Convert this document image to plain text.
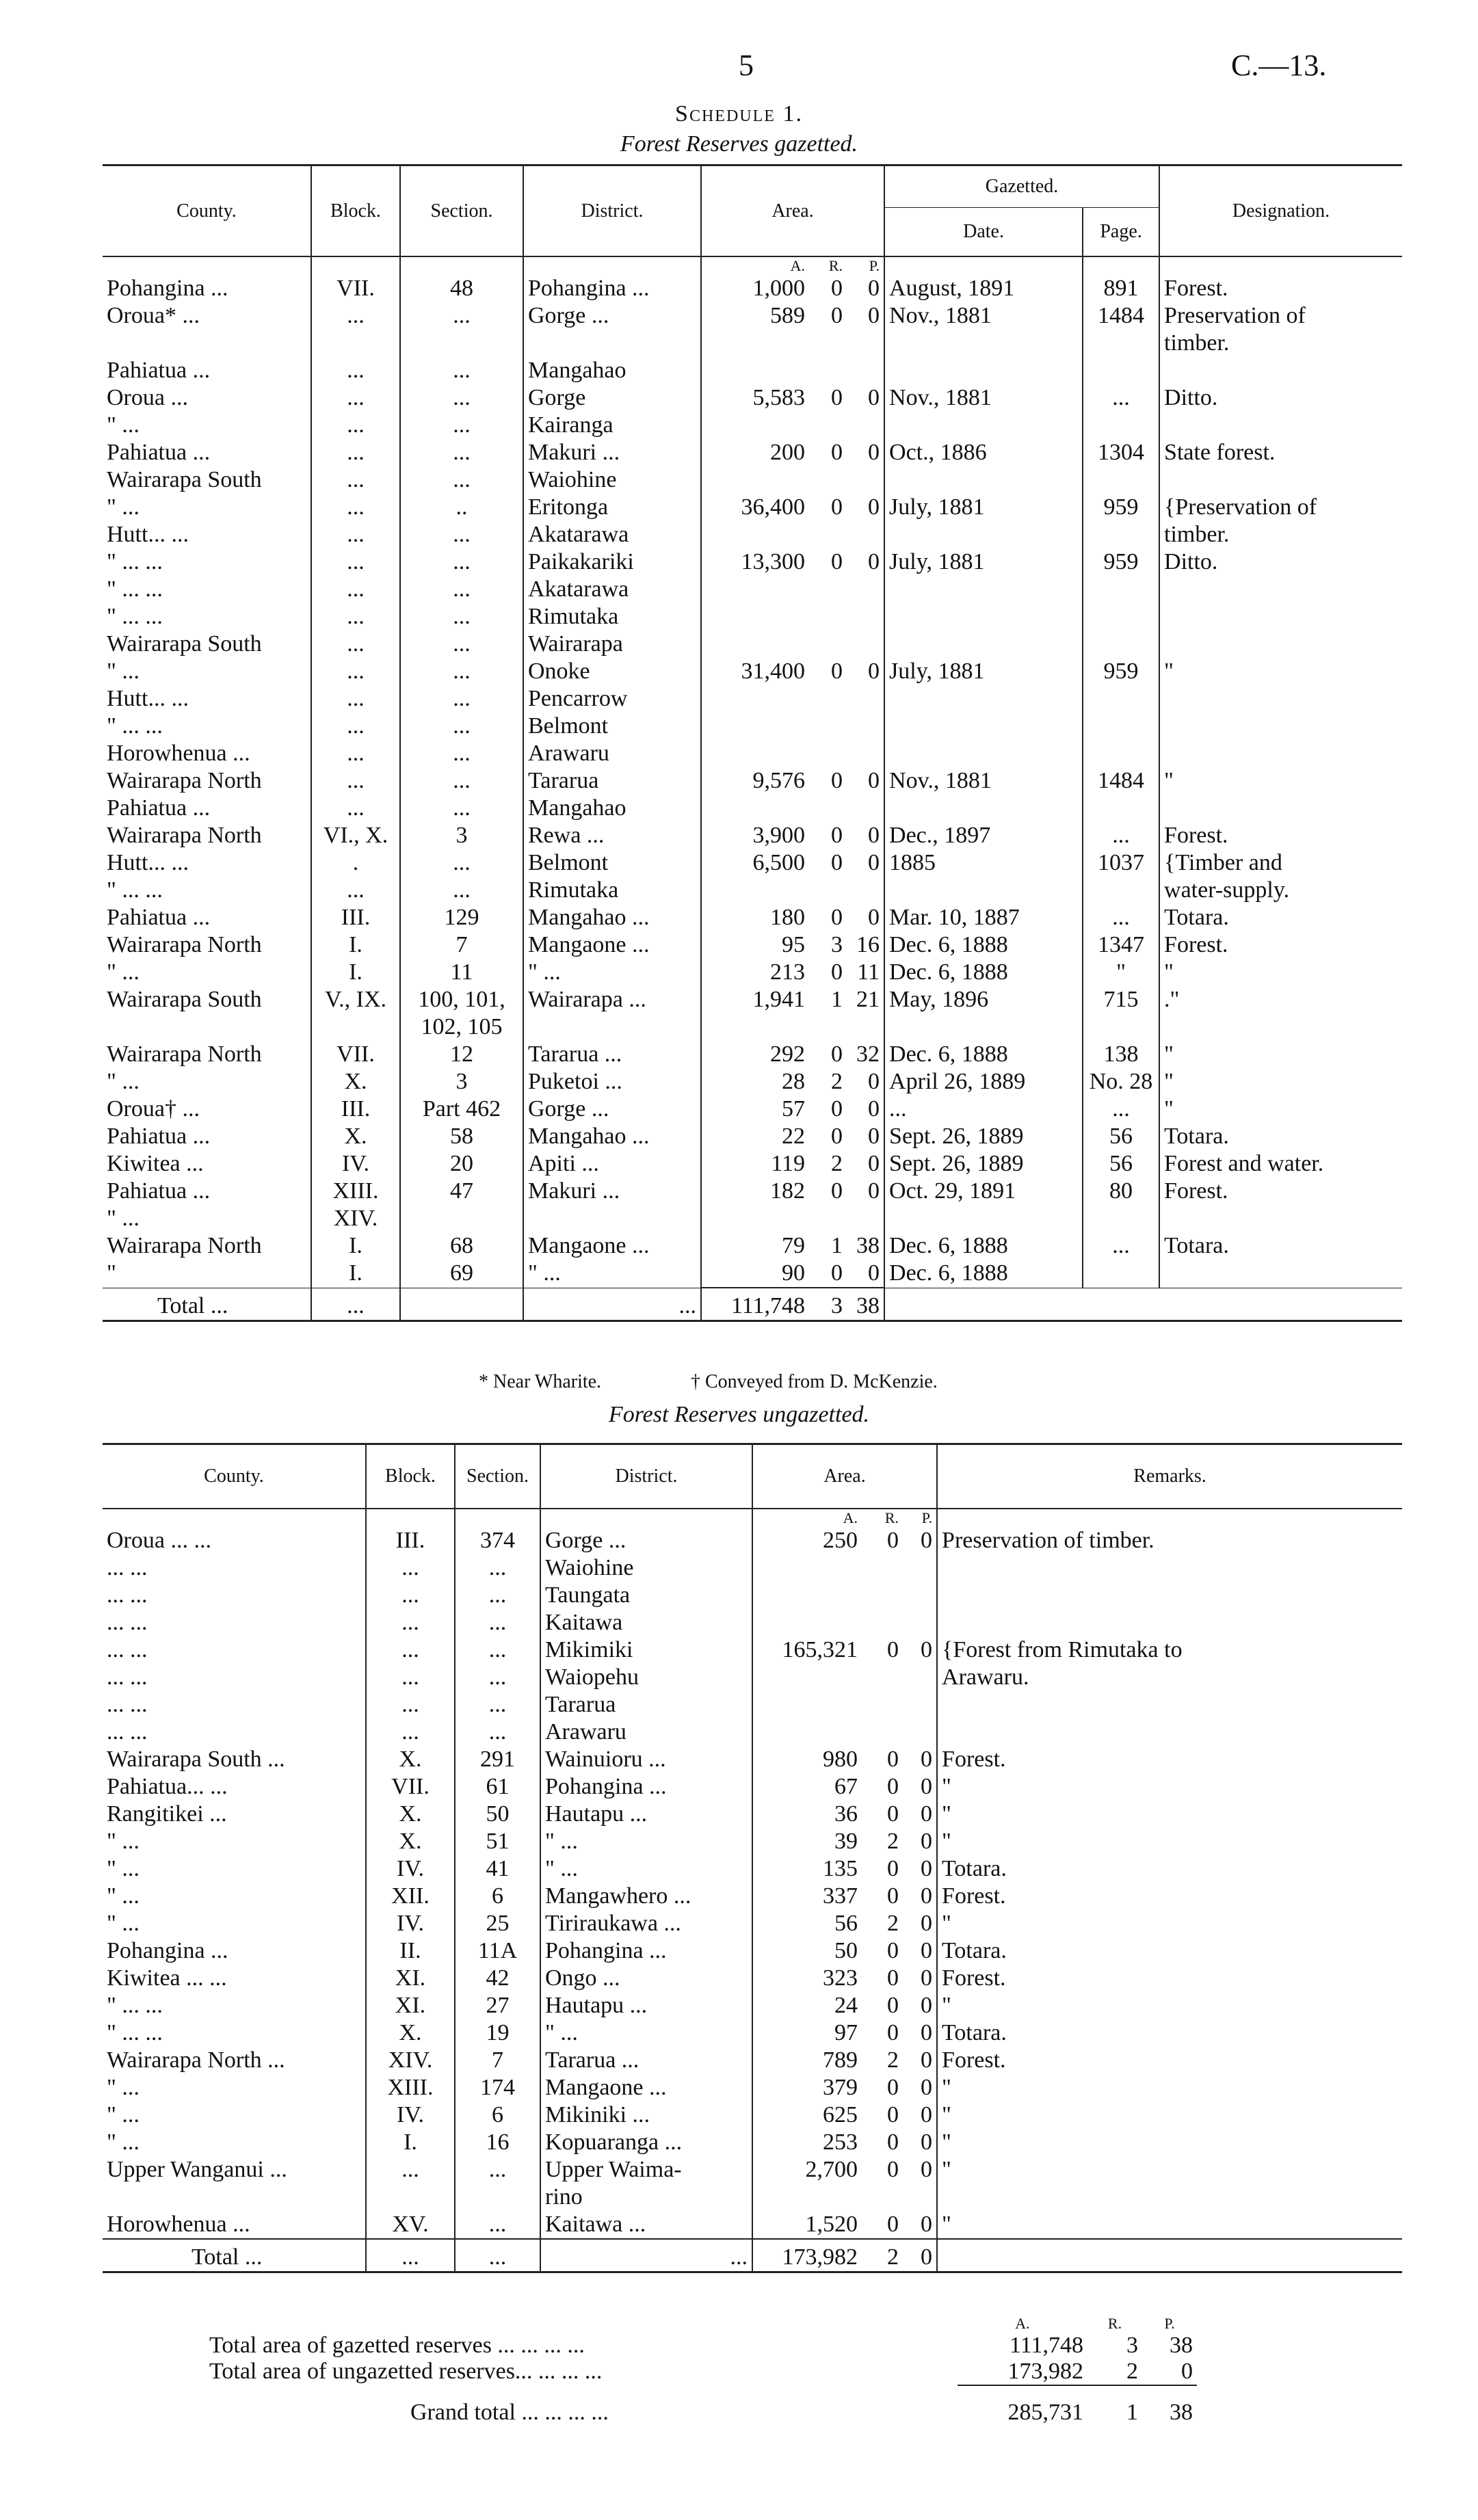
5	C.—13.
Schedule 1.
Forest Reserves gazetted.
County.	Block.	Section.	District.	Area.			Gazetted.		Designation.
							Date.	Page.	
				A.	R.	P.			
Pohangina ...	VII.	48	Pohangina ...	1,000	0	0	August, 1891	891	Forest.
Oroua* ...	...	...	Gorge ...	589	0	0	Nov., 1881	1484	Preservation of
									timber.
Pahiatua ...	...	...	Mangahao						
Oroua ...	...	...	Gorge	5,583	0	0	Nov., 1881	...	Ditto.
" ...	...	...	Kairanga						
Pahiatua ...	...	...	Makuri ...	200	0	0	Oct., 1886	1304	State forest.
Wairarapa South	...	...	Waiohine						
" ...	...	..	Eritonga	36,400	0	0	July, 1881	959	{Preservation of
Hutt... ...	...	...	Akatarawa						timber.
" ... ...	...	...	Paikakariki	13,300	0	0	July, 1881	959	Ditto.
" ... ...	...	...	Akatarawa						
" ... ...	...	...	Rimutaka						
Wairarapa South	...	...	Wairarapa						
" ...	...	...	Onoke	31,400	0	0	July, 1881	959	"
Hutt... ...	...	...	Pencarrow						
" ... ...	...	...	Belmont						
Horowhenua ...	...	...	Arawaru						
Wairarapa North	...	...	Tararua	9,576	0	0	Nov., 1881	1484	"
Pahiatua ...	...	...	Mangahao						
Wairarapa North	VI., X.	3	Rewa ...	3,900	0	0	Dec., 1897	...	Forest.
Hutt... ...	.	...	Belmont	6,500	0	0	1885	1037	{Timber and
" ... ...	...	...	Rimutaka						water-supply.
Pahiatua ...	III.	129	Mangahao ...	180	0	0	Mar. 10, 1887	...	Totara.
Wairarapa North	I.	7	Mangaone ...	95	3	16	Dec. 6, 1888	1347	Forest.
" ...	I.	11	" ...	213	0	11	Dec. 6, 1888	"	"
Wairarapa South	V., IX.	100, 101,	Wairarapa ...	1,941	1	21	May, 1896	715	."
		102, 105							
Wairarapa North	VII.	12	Tararua ...	292	0	32	Dec. 6, 1888	138	"
" ...	X.	3	Puketoi ...	28	2	0	April 26, 1889	No. 28	"
Oroua† ...	III.	Part 462	Gorge ...	57	0	0	...	...	"
Pahiatua ...	X.	58	Mangahao ...	22	0	0	Sept. 26, 1889	56	Totara.
Kiwitea ...	IV.	20	Apiti ...	119	2	0	Sept. 26, 1889	56	Forest and water.
Pahiatua ...	XIII.	47	Makuri ...	182	0	0	Oct. 29, 1891	80	Forest.
" ...	XIV.								
Wairarapa North	I.	68	Mangaone ...	79	1	38	Dec. 6, 1888	...	Totara.
"	I.	69	" ...	90	0	0	Dec. 6, 1888		
Total ...	...		...	111,748	3	38			

* Near Wharite.	† Conveyed from D. McKenzie.
Forest Reserves ungazetted.
County.	Block.	Section.	District.	Area.			Remarks.
				A.	R.	P.	
Oroua ... ...	III.	374	Gorge ...	250	0	0	Preservation of timber.
... ...	...	...	Waiohine				
... ...	...	...	Taungata				
... ...	...	...	Kaitawa				
... ...	...	...	Mikimiki	165,321	0	0	{Forest from Rimutaka to
... ...	...	...	Waiopehu				Arawaru.
... ...	...	...	Tararua				
... ...	...	...	Arawaru				
Wairarapa South ...	X.	291	Wainuioru ...	980	0	0	Forest.
Pahiatua... ...	VII.	61	Pohangina ...	67	0	0	"
Rangitikei ...	X.	50	Hautapu ...	36	0	0	"
" ...	X.	51	" ...	39	2	0	"
" ...	IV.	41	" ...	135	0	0	Totara.
" ...	XII.	6	Mangawhero ...	337	0	0	Forest.
" ...	IV.	25	Tiriraukawa ...	56	2	0	"
Pohangina ...	II.	11A	Pohangina ...	50	0	0	Totara.
Kiwitea ... ...	XI.	42	Ongo ...	323	0	0	Forest.
" ... ...	XI.	27	Hautapu ...	24	0	0	"
" ... ...	X.	19	" ...	97	0	0	Totara.
Wairarapa North ...	XIV.	7	Tararua ...	789	2	0	Forest.
" ...	XIII.	174	Mangaone ...	379	0	0	"
" ...	IV.	6	Mikiniki ...	625	0	0	"
" ...	I.	16	Kopuaranga ...	253	0	0	"
Upper Wanganui ...	...	...	Upper Waima-	2,700	0	0	"
			rino				
Horowhenua ...	XV.	...	Kaitawa ...	1,520	0	0	"
Total ...	...	...	...	173,982	2	0	

	A.	R.	P.
Total area of gazetted reserves ... ... ... ...	111,748	3	38
Total area of ungazetted reserves... ... ... ...	173,982	2	0

Grand total ... ... ... ...	285,731	1	38
